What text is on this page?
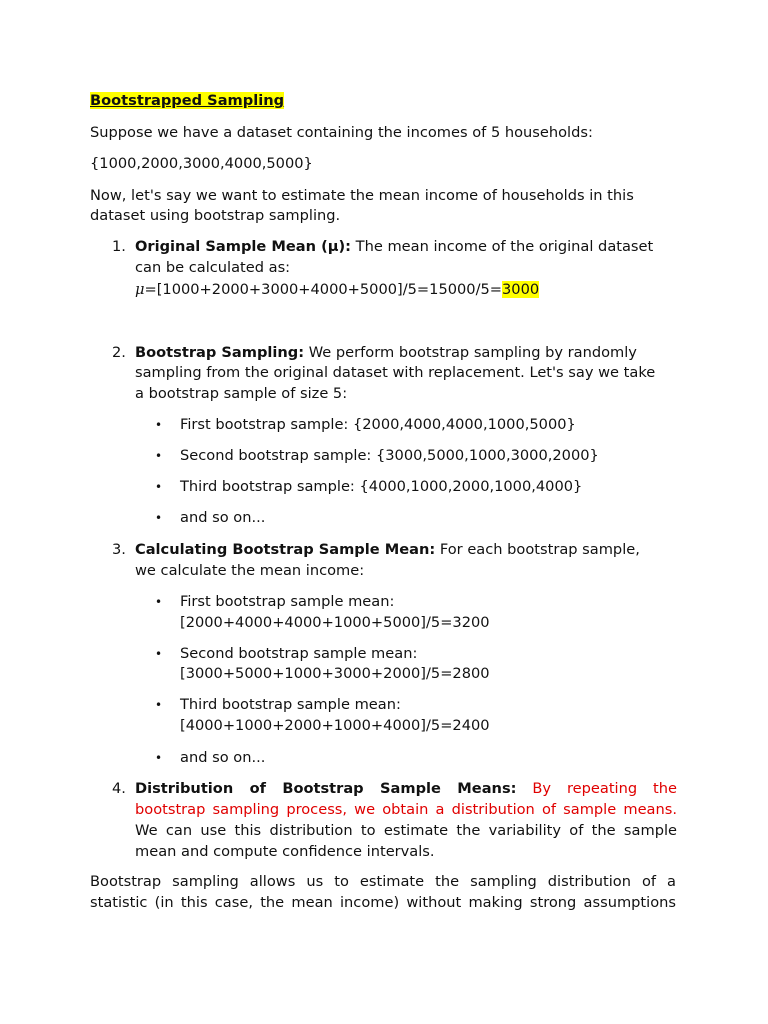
Bootstrapped Sampling
Suppose we have a dataset containing the incomes of 5 households:
{1000,2000,3000,4000,5000}
Now, let's say we want to estimate the mean income of households in this
dataset using bootstrap sampling.
1. Original Sample Mean (μ): The mean income of the original dataset
can be calculated as:
μ=[1000+2000+3000+4000+5000]/5=15000/5=3000
2. Bootstrap Sampling: We perform bootstrap sampling by randomly
sampling from the original dataset with replacement. Let's say we take
a bootstrap sample of size 5:
• First bootstrap sample: {2000,4000,4000,1000,5000}
• Second bootstrap sample: {3000,5000,1000,3000,2000}
• Third bootstrap sample: {4000,1000,2000,1000,4000}
• and so on...
3. Calculating Bootstrap Sample Mean: For each bootstrap sample,
we calculate the mean income:
• First bootstrap sample mean:
[2000+4000+4000+1000+5000]/5=3200
• Second bootstrap sample mean:
[3000+5000+1000+3000+2000]/5=2800
• Third bootstrap sample mean:
[4000+1000+2000+1000+4000]/5=2400
• and so on...
4. Distribution of Bootstrap Sample Means: By repeating the
bootstrap sampling process, we obtain a distribution of sample means.
We can use this distribution to estimate the variability of the sample
mean and compute confidence intervals.
Bootstrap sampling allows us to estimate the sampling distribution of a
statistic (in this case, the mean income) without making strong assumptions
